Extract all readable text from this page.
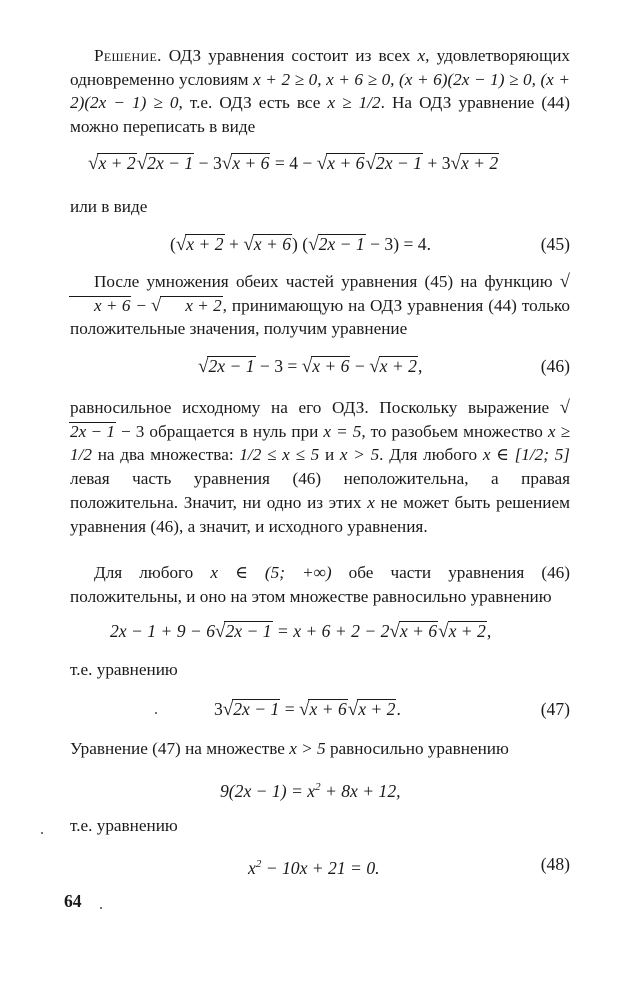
Решение. ОДЗ уравнения состоит из всех x, удовлетворяющих одновременно условиям x + 2 ≥ 0, x + 6 ≥ 0, (x + 6)(2x − 1) ≥ 0, (x + 2)(2x − 1) ≥ 0, т.е. ОДЗ есть все x ≥ 1/2. На ОДЗ уравнение (44) можно переписать в виде

√x + 2√2x − 1 − 3√x + 6 = 4 − √x + 6√2x − 1 + 3√x + 2

или в виде

(√x + 2 + √x + 6) (√2x − 1 − 3) = 4.	(45)

После умножения обеих частей уравнения (45) на функцию √x + 6 − √ x + 2, принимающую на ОДЗ уравнения (44) только положительные значения, получим уравнение

√2x − 1 − 3 = √x + 6 − √x + 2,	(46)

равносильное исходному на его ОДЗ. Поскольку выражение √2x − 1 − 3 обращается в нуль при x = 5, то разобьем множество x ≥ 1/2 на два множества: 1/2 ≤ x ≤ 5 и x > 5. Для любого x ∈ [1/2; 5] левая часть уравнения (46) неположительна, а правая положительна. Значит, ни одно из этих x не может быть решением уравнения (46), а значит, и исходного уравнения.

Для любого x ∈ (5; +∞) обе части уравнения (46) положительны, и оно на этом множестве равносильно уравнению

2x − 1 + 9 − 6√2x − 1 = x + 6 + 2 − 2√x + 6√x + 2,

т.е. уравнению

3√2x − 1 = √x + 6√x + 2.	(47)

Уравнение (47) на множестве x > 5 равносильно уравнению

$9(2x - 1) = x^2 + 8x + 12$,

т.е. уравнению

$x^2 - 10x + 21 = 0$.	(48)
64
